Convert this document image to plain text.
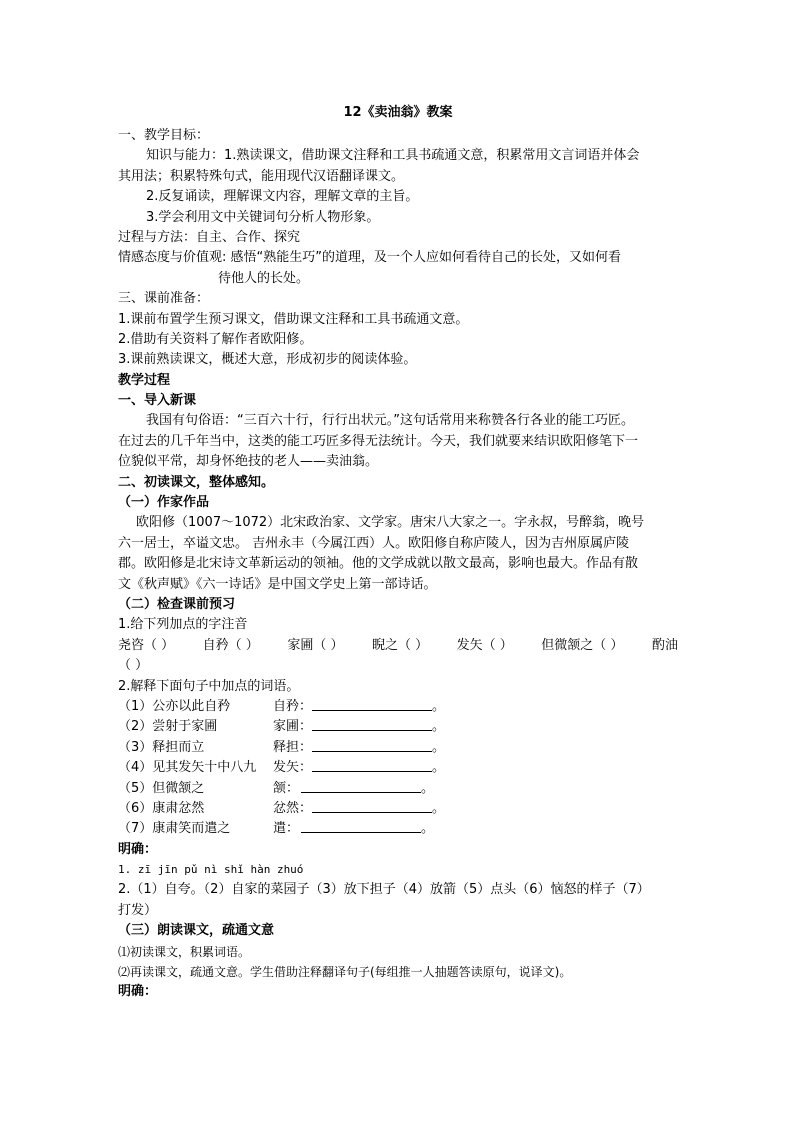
12《卖油翁》教案
一、教学目标：
知识与能力：1.熟读课文，借助课文注释和工具书疏通文意，积累常用文言词语并体会
其用法；积累特殊句式，能用现代汉语翻译课文。
2.反复诵读，理解课文内容，理解文章的主旨。
3.学会利用文中关键词句分析人物形象。
过程与方法：自主、合作、探究
情感态度与价值观: 感悟“熟能生巧”的道理，及一个人应如何看待自己的长处，又如何看
待他人的长处。
三、课前准备：
1.课前布置学生预习课文，借助课文注释和工具书疏通文意。
2.借助有关资料了解作者欧阳修。
3.课前熟读课文，概述大意，形成初步的阅读体验。
教学过程
一、导入新课
我国有句俗语：“三百六十行，行行出状元。”这句话常用来称赞各行各业的能工巧匠。
在过去的几千年当中，这类的能工巧匠多得无法统计。今天，我们就要来结识欧阳修笔下一
位貌似平常，却身怀绝技的老人——卖油翁。
二、初读课文，整体感知。
（一）作家作品
欧阳修（1007～1072）北宋政治家、文学家。唐宋八大家之一。字永叔，号醉翁，晚号
六一居士，卒谥文忠。 吉州永丰（今属江西）人。欧阳修自称庐陵人，因为吉州原属庐陵
郡。欧阳修是北宋诗文革新运动的领袖。他的文学成就以散文最高，影响也最大。作品有散
文《秋声赋》《六一诗话》是中国文学史上第一部诗话。
（二）检查课前预习
1.给下列加点的字注音
尧咨（ ） 自矜（ ） 家圃（ ） 睨之（ ） 发矢（ ） 但微颔之（ ） 酌油
（ ）
2.解释下面句子中加点的词语。
（1）公亦以此自矜	自矜：	。
（2）尝射于家圃	家圃：	。
（3）释担而立	释担：	。
（4）见其发矢十中八九	发矢：	。
（5）但微颔之	颔：	。
（6）康肃忿然	忿然：	。
（7）康肃笑而遣之	遣：	。
明确：
1. zī jīn pǔ nì shǐ hàn zhuó
2.（1）自夸。（2）自家的菜园子（3）放下担子（4）放箭（5）点头（6）恼怒的样子（7）
打发）
（三）朗读课文，疏通文意
⑴初读课文，积累词语。
⑵再读课文，疏通文意。学生借助注释翻译句子(每组推一人抽题答读原句，说译文)。
明确：
